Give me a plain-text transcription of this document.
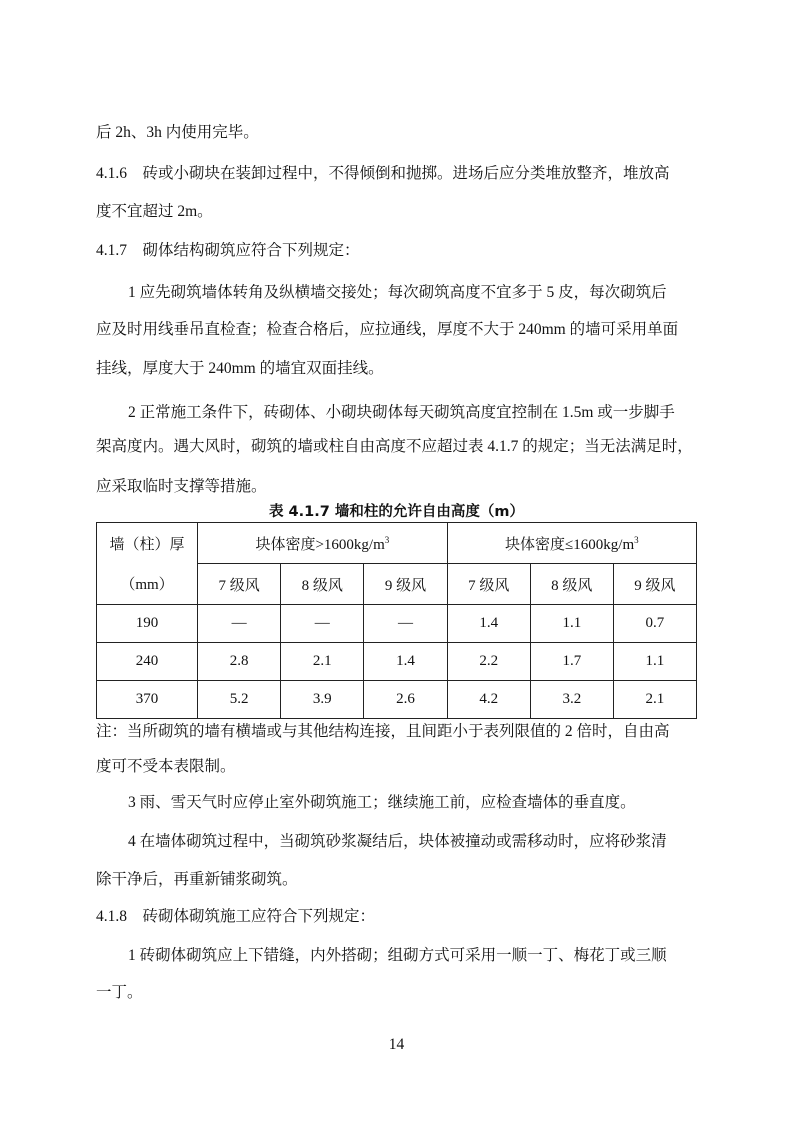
后 2h、3h 内使用完毕。
4.1.6　砖或小砌块在装卸过程中，不得倾倒和抛掷。进场后应分类堆放整齐，堆放高
度不宜超过 2m。
4.1.7　砌体结构砌筑应符合下列规定：
1 应先砌筑墙体转角及纵横墙交接处；每次砌筑高度不宜多于 5 皮，每次砌筑后
应及时用线垂吊直检查；检查合格后，应拉通线，厚度不大于 240mm 的墙可采用单面
挂线，厚度大于 240mm 的墙宜双面挂线。
2 正常施工条件下，砖砌体、小砌块砌体每天砌筑高度宜控制在 1.5m 或一步脚手
架高度内。遇大风时，砌筑的墙或柱自由高度不应超过表 4.1.7 的规定；当无法满足时，
应采取临时支撑等措施。
表 4.1.7 墙和柱的允许自由高度（m）
墙（柱）厚	块体密度$>1600kg/m^3$			块体密度$\le 1600kg/m^3$
（mm）	7 级风	8 级风	9 级风	7 级风	8 级风	9 级风
190	—	—	—	1.4	1.1	0.7
240	2.8	2.1	1.4	2.2	1.7	1.1
370	5.2	3.9	2.6	4.2	3.2	2.1
注：当所砌筑的墙有横墙或与其他结构连接，且间距小于表列限值的 2 倍时，自由高
度可不受本表限制。
3 雨、雪天气时应停止室外砌筑施工；继续施工前，应检查墙体的垂直度。
4 在墙体砌筑过程中，当砌筑砂浆凝结后，块体被撞动或需移动时，应将砂浆清
除干净后，再重新铺浆砌筑。
4.1.8　砖砌体砌筑施工应符合下列规定：
1 砖砌体砌筑应上下错缝，内外搭砌；组砌方式可采用一顺一丁、梅花丁或三顺
一丁。
14
